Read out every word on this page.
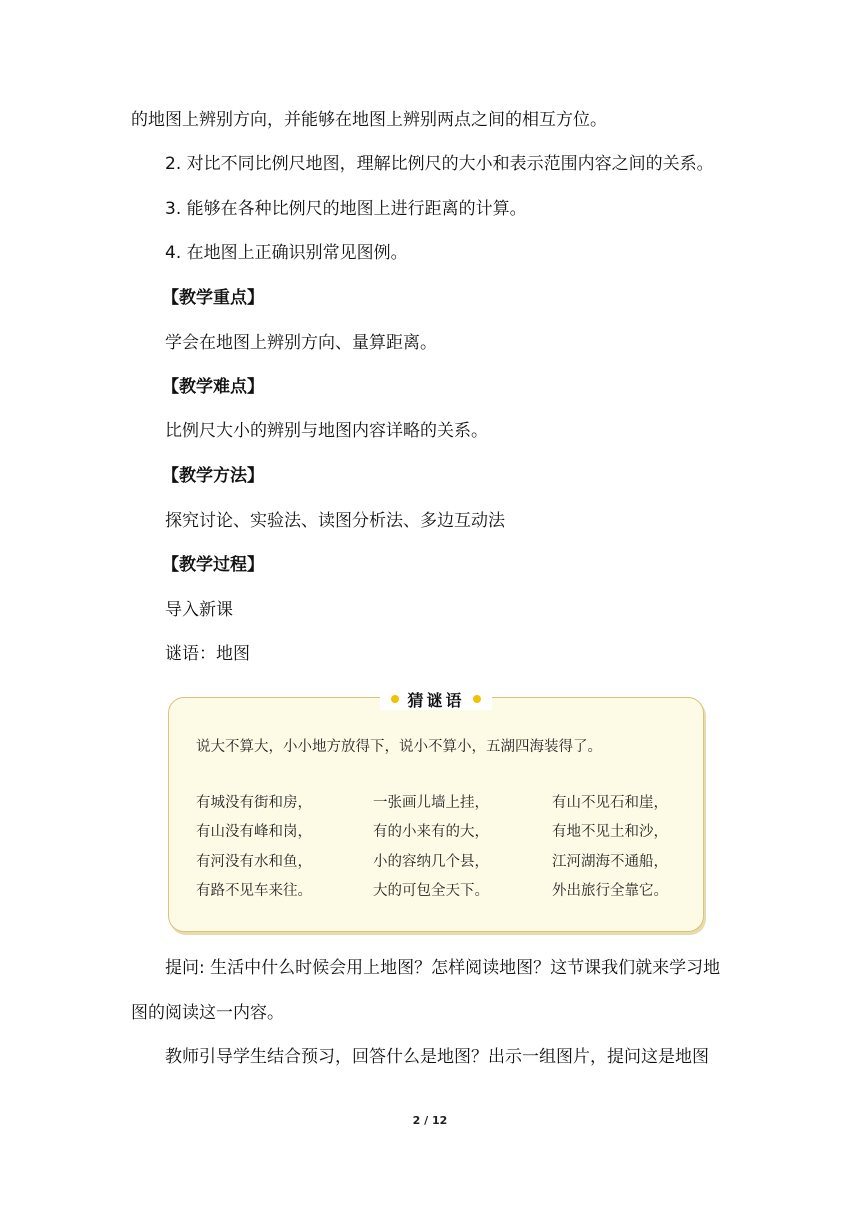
的地图上辨别方向，并能够在地图上辨别两点之间的相互方位。
2. 对比不同比例尺地图，理解比例尺的大小和表示范围内容之间的关系。
3. 能够在各种比例尺的地图上进行距离的计算。
4. 在地图上正确识别常见图例。
【教学重点】
学会在地图上辨别方向、量算距离。
【教学难点】
比例尺大小的辨别与地图内容详略的关系。
【教学方法】
探究讨论、实验法、读图分析法、多边互动法
【教学过程】
导入新课
谜语：地图
猜谜语
说大不算大，小小地方放得下，说小不算小，五湖四海装得了。
有城没有街和房，
有山没有峰和岗，
有河没有水和鱼，
有路不见车来往。
一张画儿墙上挂，
有的小来有的大，
小的容纳几个县，
大的可包全天下。
有山不见石和崖，
有地不见土和沙，
江河湖海不通船，
外出旅行全靠它。
提问: 生活中什么时候会用上地图？怎样阅读地图？这节课我们就来学习地
图的阅读这一内容。
教师引导学生结合预习，回答什么是地图？出示一组图片，提问这是地图
2 / 12
